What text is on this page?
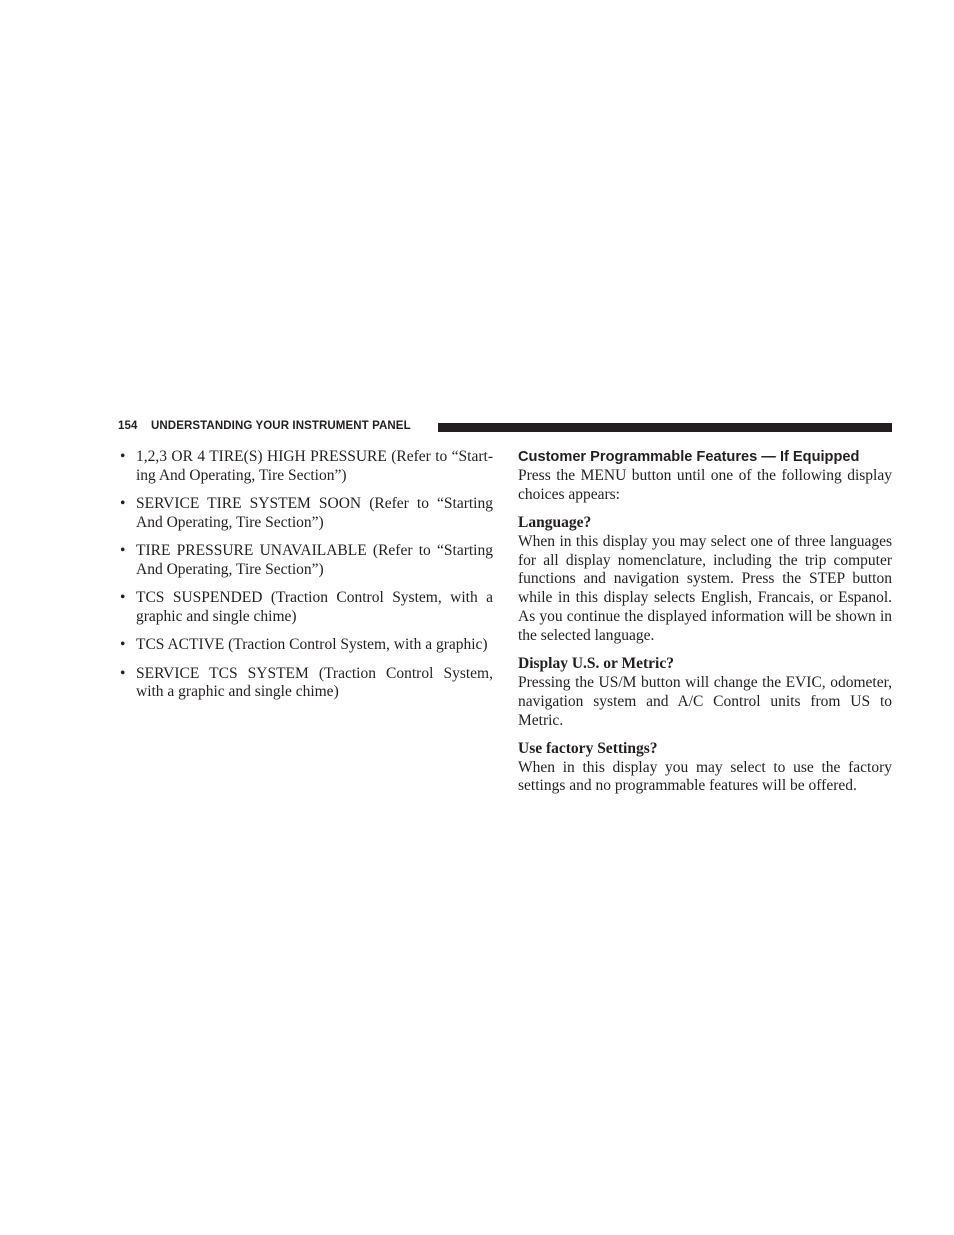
154 UNDERSTANDING YOUR INSTRUMENT PANEL
• 1,2,3 OR 4 TIRE(S) HIGH PRESSURE (Refer to “Starting And Operating, Tire Section”)
• SERVICE TIRE SYSTEM SOON (Refer to “Starting And Operating, Tire Section”)
• TIRE PRESSURE UNAVAILABLE (Refer to “Starting And Operating, Tire Section”)
• TCS SUSPENDED (Traction Control System, with a graphic and single chime)
• TCS ACTIVE (Traction Control System, with a graphic)
• SERVICE TCS SYSTEM (Traction Control System, with a graphic and single chime)
Customer Programmable Features — If Equipped

Press the MENU button until one of the following display choices appears:

Language?

When in this display you may select one of three languages for all display nomenclature, including the trip computer functions and navigation system. Press the STEP button while in this display selects English, Francais, or Espanol. As you continue the displayed information will be shown in the selected language.

Display U.S. or Metric?

Pressing the US/M button will change the EVIC, odometer, navigation system and A/C Control units from US to Metric.

Use factory Settings?

When in this display you may select to use the factory settings and no programmable features will be offered.
